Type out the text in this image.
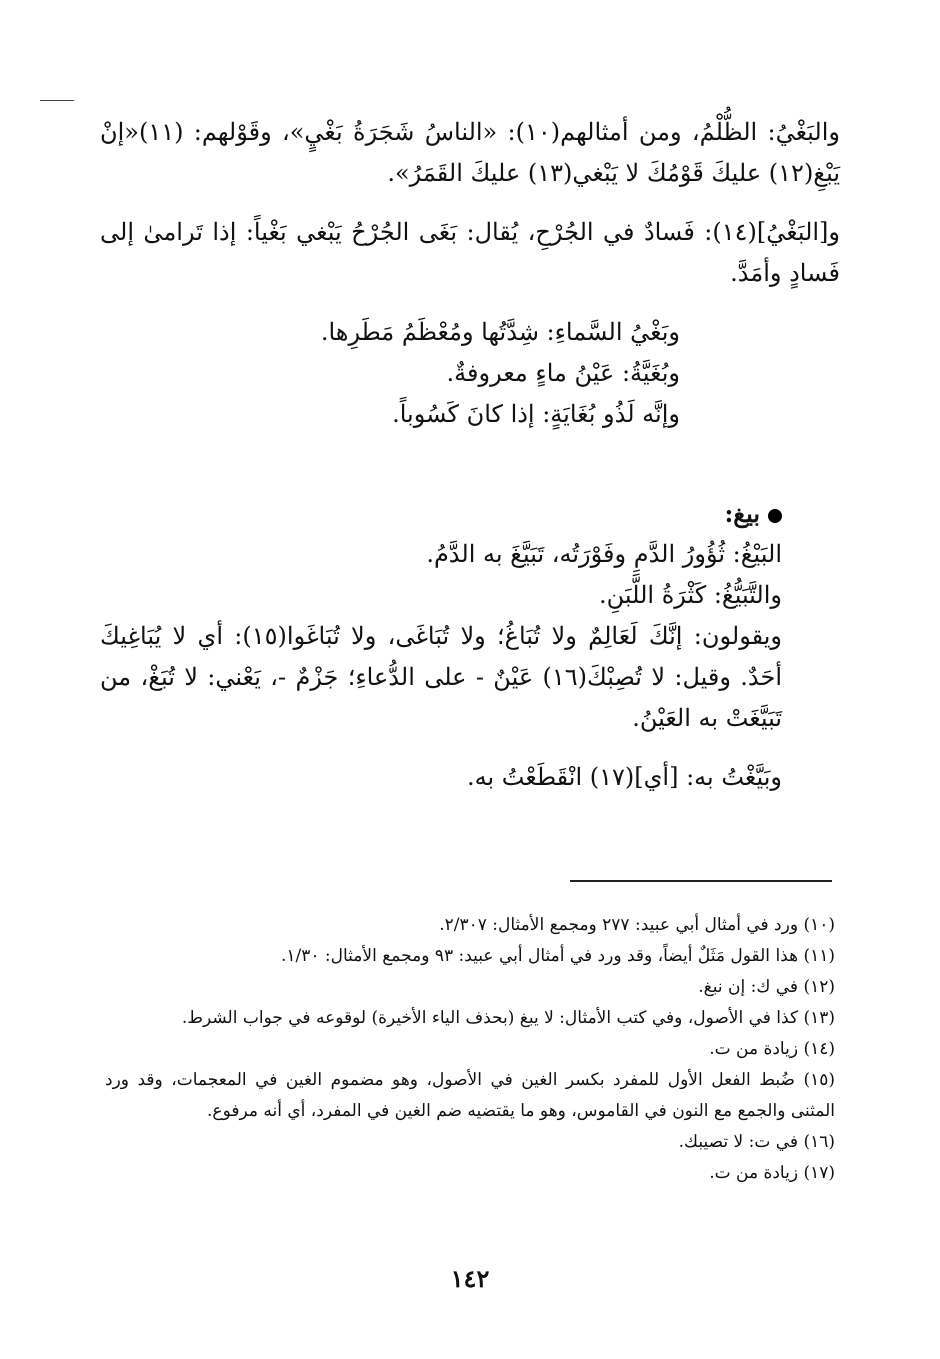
والبَغْيُ: الظُّلْمُ، ومن أمثالهم(١٠): «الناسُ شَجَرَةُ بَغْيٍ»، وقَوْلهم: (١١)«إنْ يَبْغِ(١٢) عليكَ قَوْمُكَ لا يَبْغي(١٣) عليكَ القَمَرُ».

و[البَغْيُ](١٤): فَسادٌ في الجُرْحِ، يُقال: بَغَى الجُرْحُ يَبْغي بَغْياً: إذا تَرامىٰ إلى فَسادٍ وأمَدَّ.

وبَغْيُ السَّماءِ: شِدَّتُها ومُعْظَمُ مَطَرِها.

وبُغَيَّةُ: عَيْنُ ماءٍ معروفةٌ.

وإنَّه لَذُو بُغَايَةٍ: إذا كانَ كَسُوباً.

بيغ:

البَيْغُ: ثُؤُورُ الدَّمِ وفَوْرَتُه، تَبَيَّغَ به الدَّمُ.

والتَّبَيُّغُ: كَثْرَةُ اللَّبَنِ.

ويقولون: إنَّكَ لَعَالِمٌ ولا تُبَاغُ؛ ولا تُبَاغَى، ولا تُبَاغَوا(١٥): أي لا يُبَاغِيكَ أحَدٌ. وقيل: لا تُصِبْكَ(١٦) عَيْنٌ - على الدُّعاءِ؛ جَزْمٌ -، يَعْني: لا تُبَغْ، من تَبَيَّغَتْ به العَيْنُ.

وبَيَّغْتُ به: [أي](١٧) انْقَطَعْتُ به.

(١٠) ورد في أمثال أبي عبيد: ٢٧٧ ومجمع الأمثال: ٢/٣٠٧.

(١١) هذا القول مَثَلٌ أيضاً، وقد ورد في أمثال أبي عبيد: ٩٣ ومجمع الأمثال: ١/٣٠.

(١٢) في ك: إن نبغ.

(١٣) كذا في الأصول، وفي كتب الأمثال: لا يبغ (بحذف الياء الأخيرة) لوقوعه في جواب الشرط.

(١٤) زيادة من ت.

(١٥) ضُبط الفعل الأول للمفرد بكسر الغين في الأصول، وهو مضموم الغين في المعجمات، وقد ورد المثنى والجمع مع النون في القاموس، وهو ما يقتضيه ضم الغين في المفرد، أي أنه مرفوع.

(١٦) في ت: لا تصيبك.

(١٧) زيادة من ت.

١٤٢
